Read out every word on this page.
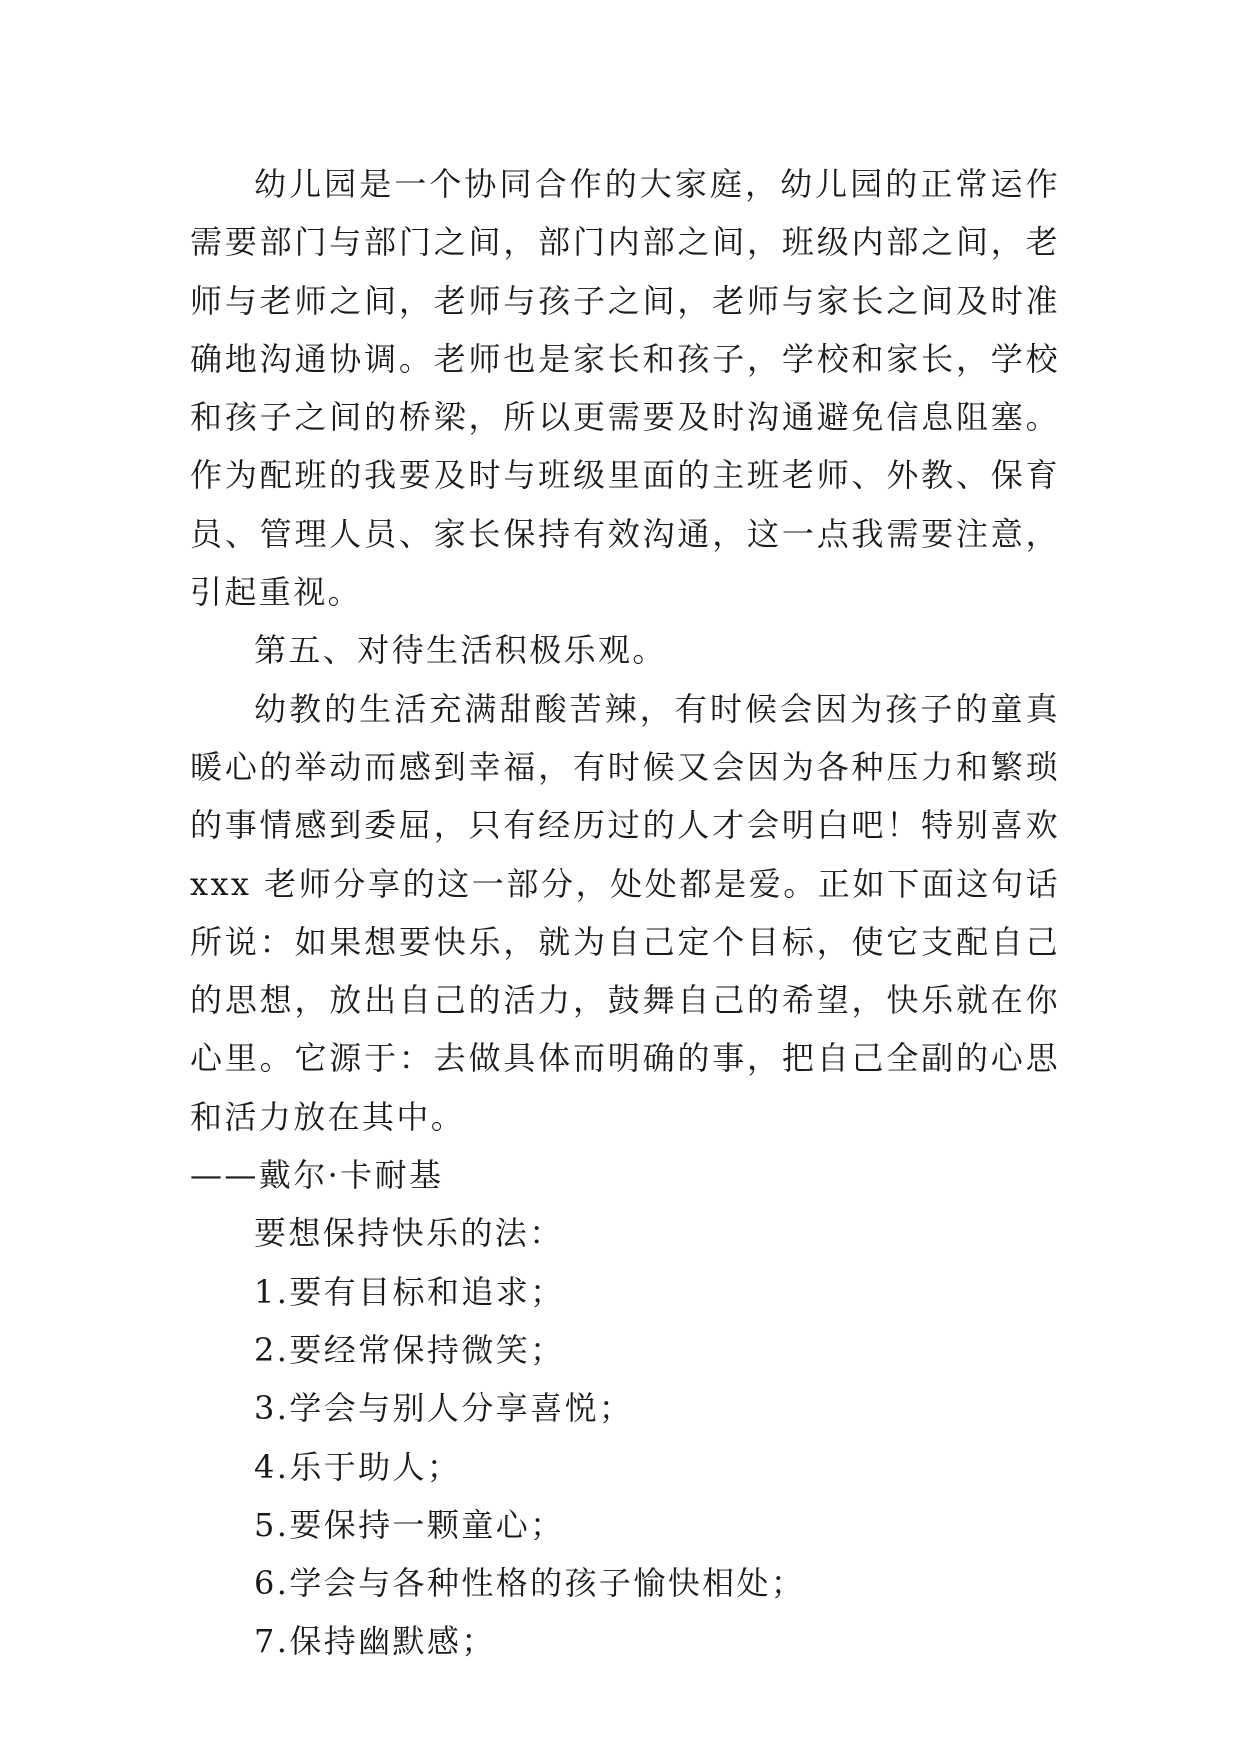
幼儿园是一个协同合作的大家庭，幼儿园的正常运作需要部门与部门之间，部门内部之间，班级内部之间，老师与老师之间，老师与孩子之间，老师与家长之间及时准确地沟通协调。老师也是家长和孩子，学校和家长，学校和孩子之间的桥梁，所以更需要及时沟通避免信息阻塞。作为配班的我要及时与班级里面的主班老师、外教、保育员、管理人员、家长保持有效沟通，这一点我需要注意，引起重视。

第五、对待生活积极乐观。

幼教的生活充满甜酸苦辣，有时候会因为孩子的童真暖心的举动而感到幸福，有时候又会因为各种压力和繁琐的事情感到委屈，只有经历过的人才会明白吧！特别喜欢 xxx 老师分享的这一部分，处处都是爱。正如下面这句话所说：如果想要快乐，就为自己定个目标，使它支配自己的思想，放出自己的活力，鼓舞自己的希望，快乐就在你心里。它源于：去做具体而明确的事，把自己全副的心思和活力放在其中。

——戴尔·卡耐基

要想保持快乐的法：

1.要有目标和追求；

2.要经常保持微笑；

3.学会与别人分享喜悦；

4.乐于助人；

5.要保持一颗童心；

6.学会与各种性格的孩子愉快相处；

7.保持幽默感；
